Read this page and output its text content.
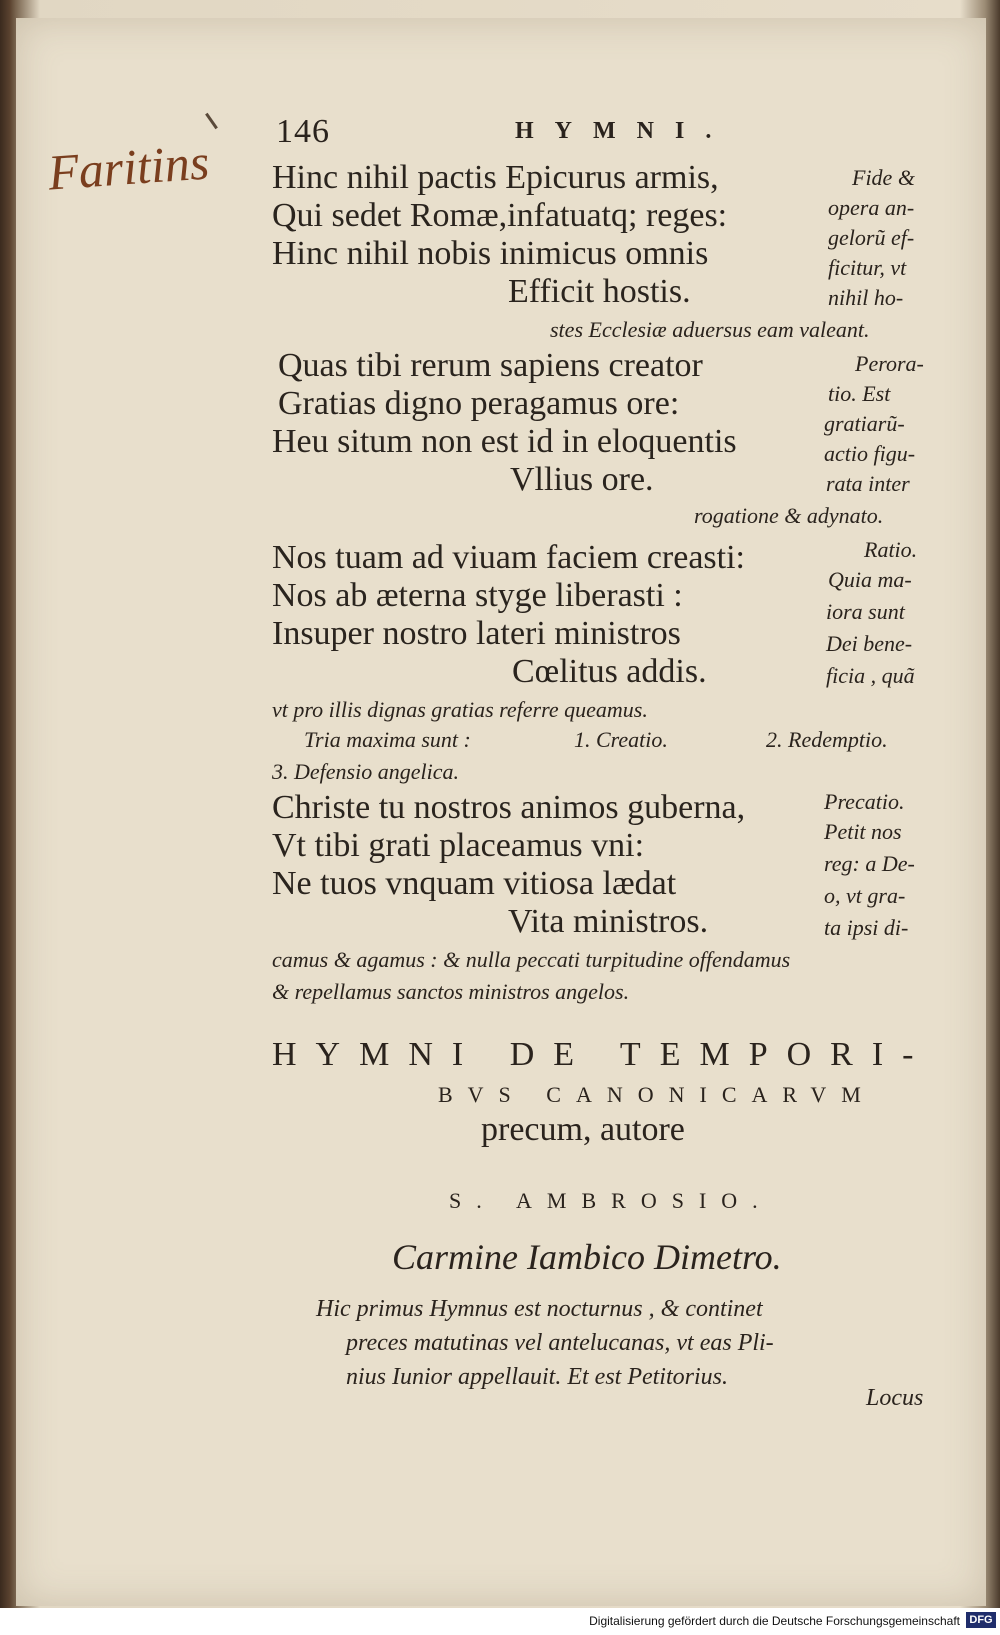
146	HYMNI.
Faritins Hinc nihil pactis Epicurus armis,
Qui sedet Romæ,infatuatq; reges:
Hinc nihil nobis inimicus omnis
Efficit hostis.
Fide &
opera an-
gelorũ ef-
ficitur, vt
nihil ho-
stes Ecclesiæ aduersus eam valeant.
Quas tibi rerum sapiens creator
Gratias digno peragamus ore:
Heu situm non est id in eloquentis
Vllius ore.
Perora-
tio. Est
gratiarũ-
actio figu-
rata inter
rogatione & adynato.
Nos tuam ad viuam faciem creasti:
Nos ab æterna styge liberasti :
Insuper nostro lateri ministros
Cœlitus addis.
Ratio.
Quia ma-
iora sunt
Dei bene-
ficia , quã
vt pro illis dignas gratias referre queamus.
Tria maxima sunt :	1. Creatio.	2. Redemptio.
3. Defensio angelica.
Christe tu nostros animos guberna,
Vt tibi grati placeamus vni:
Ne tuos vnquam vitiosa lædat
Vita ministros.
Precatio.
Petit nos
reg: a De-
o, vt gra-
ta ipsi di-
camus & agamus : & nulla peccati turpitudine offendamus
& repellamus sanctos ministros angelos.
HYMNI DE TEMPORI-
BVS CANONICARVM
precum, autore
S. AMBROSIO.
Carmine Iambico Dimetro.
Hic primus Hymnus est nocturnus , & continet
preces matutinas vel antelucanas, vt eas Pli-
nius Iunior appellauit. Et est Petitorius.
Locus
Digitalisierung gefördert durch die Deutsche Forschungsgemeinschaft DFG
